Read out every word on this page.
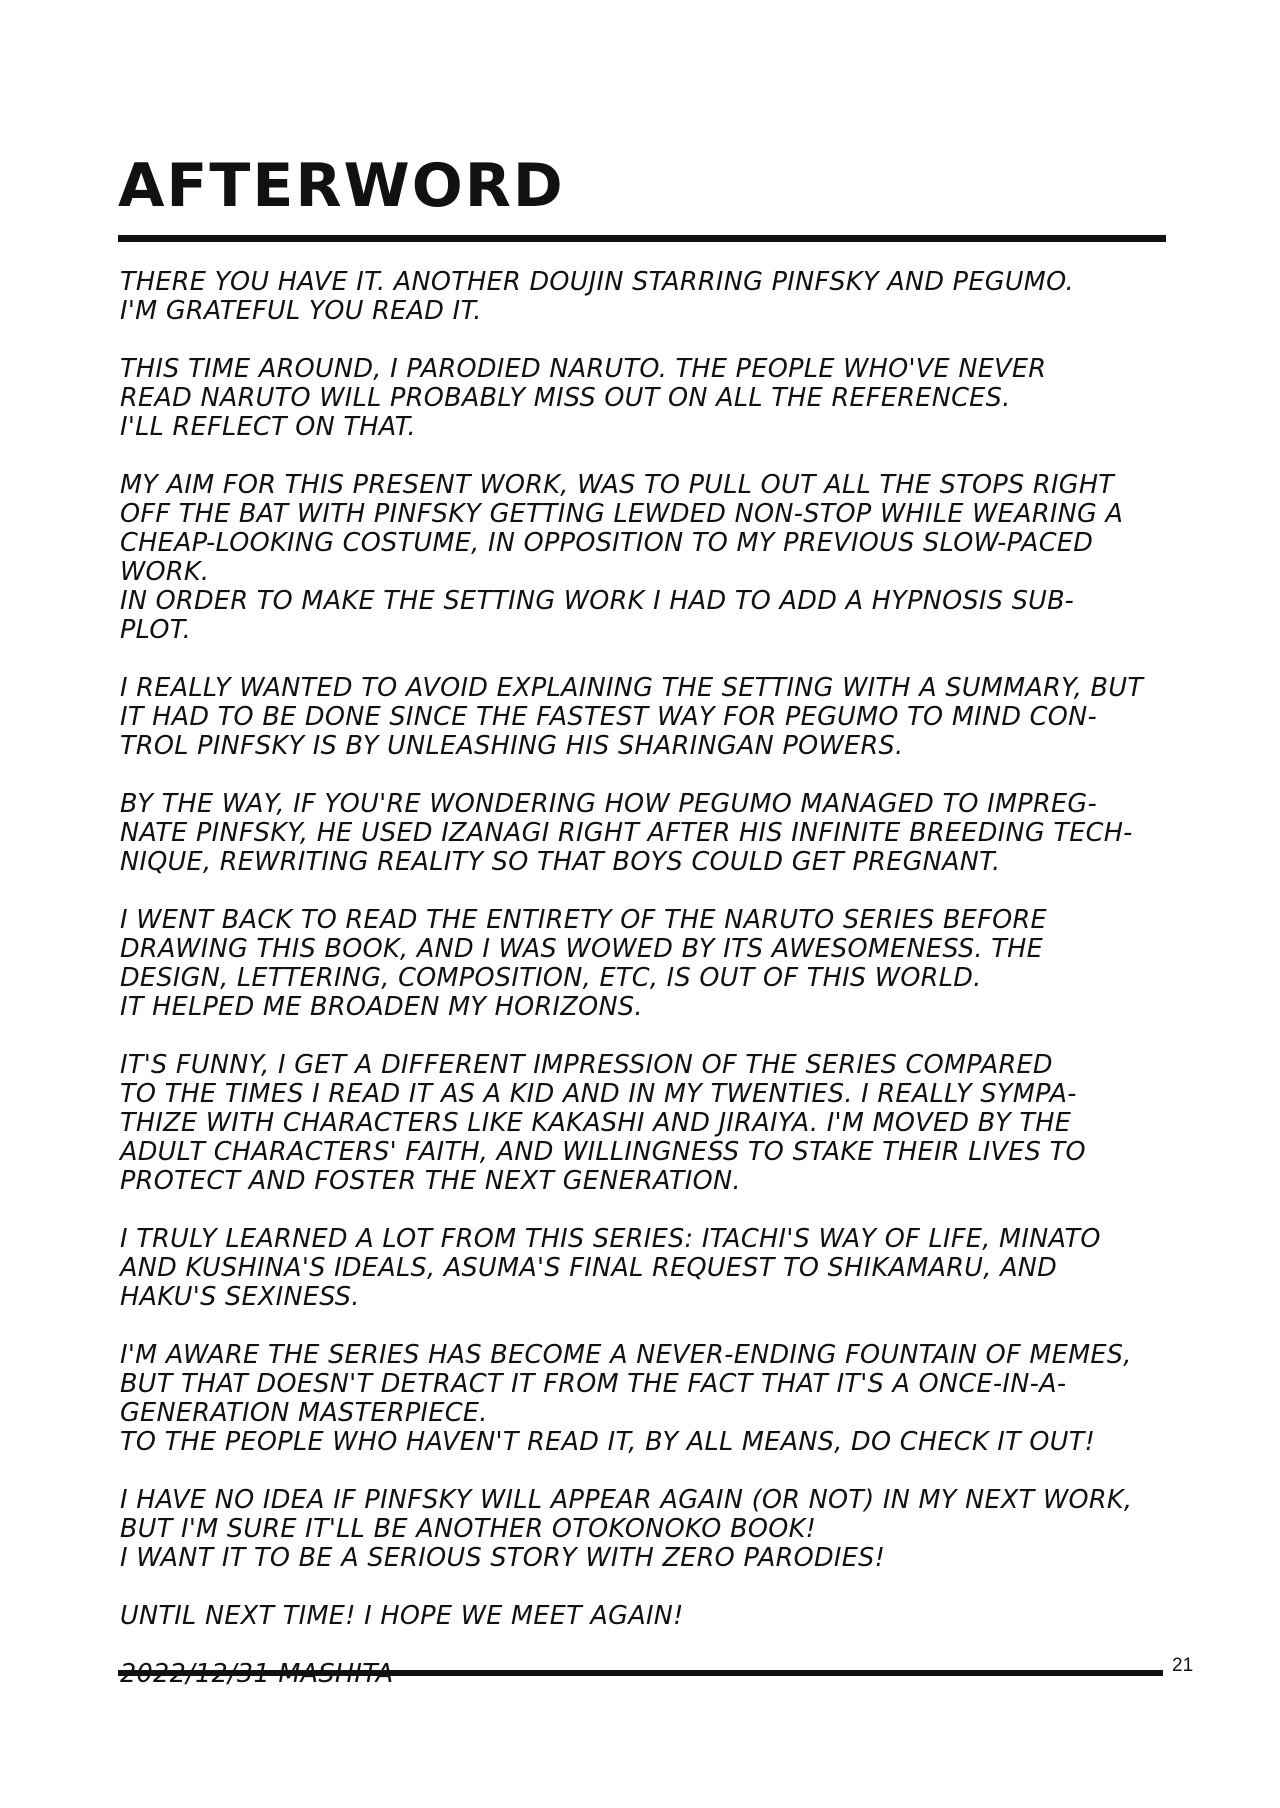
AFTERWORD

THERE YOU HAVE IT. ANOTHER DOUJIN STARRING PINFSKY AND PEGUMO.
I'M GRATEFUL YOU READ IT.

THIS TIME AROUND, I PARODIED NARUTO. THE PEOPLE WHO'VE NEVER
READ NARUTO WILL PROBABLY MISS OUT ON ALL THE REFERENCES.
I'LL REFLECT ON THAT.

MY AIM FOR THIS PRESENT WORK, WAS TO PULL OUT ALL THE STOPS RIGHT
OFF THE BAT WITH PINFSKY GETTING LEWDED NON-STOP WHILE WEARING A
CHEAP-LOOKING COSTUME, IN OPPOSITION TO MY PREVIOUS SLOW-PACED
WORK.
IN ORDER TO MAKE THE SETTING WORK I HAD TO ADD A HYPNOSIS SUB-
PLOT.

I REALLY WANTED TO AVOID EXPLAINING THE SETTING WITH A SUMMARY, BUT
IT HAD TO BE DONE SINCE THE FASTEST WAY FOR PEGUMO TO MIND CON-
TROL PINFSKY IS BY UNLEASHING HIS SHARINGAN POWERS.

BY THE WAY, IF YOU'RE WONDERING HOW PEGUMO MANAGED TO IMPREG-
NATE PINFSKY, HE USED IZANAGI RIGHT AFTER HIS INFINITE BREEDING TECH-
NIQUE, REWRITING REALITY SO THAT BOYS COULD GET PREGNANT.

I WENT BACK TO READ THE ENTIRETY OF THE NARUTO SERIES BEFORE
DRAWING THIS BOOK, AND I WAS WOWED BY ITS AWESOMENESS. THE
DESIGN, LETTERING, COMPOSITION, ETC, IS OUT OF THIS WORLD.
IT HELPED ME BROADEN MY HORIZONS.

IT'S FUNNY, I GET A DIFFERENT IMPRESSION OF THE SERIES COMPARED
TO THE TIMES I READ IT AS A KID AND IN MY TWENTIES. I REALLY SYMPA-
THIZE WITH CHARACTERS LIKE KAKASHI AND JIRAIYA. I'M MOVED BY THE
ADULT CHARACTERS' FAITH, AND WILLINGNESS TO STAKE THEIR LIVES TO
PROTECT AND FOSTER THE NEXT GENERATION.

I TRULY LEARNED A LOT FROM THIS SERIES: ITACHI'S WAY OF LIFE, MINATO
AND KUSHINA'S IDEALS, ASUMA'S FINAL REQUEST TO SHIKAMARU, AND
HAKU'S SEXINESS.

I'M AWARE THE SERIES HAS BECOME A NEVER-ENDING FOUNTAIN OF MEMES,
BUT THAT DOESN'T DETRACT IT FROM THE FACT THAT IT'S A ONCE-IN-A-
GENERATION MASTERPIECE.
TO THE PEOPLE WHO HAVEN'T READ IT, BY ALL MEANS, DO CHECK IT OUT!

I HAVE NO IDEA IF PINFSKY WILL APPEAR AGAIN (OR NOT) IN MY NEXT WORK,
BUT I'M SURE IT'LL BE ANOTHER OTOKONOKO BOOK!
I WANT IT TO BE A SERIOUS STORY WITH ZERO PARODIES!

UNTIL NEXT TIME! I HOPE WE MEET AGAIN!

21
